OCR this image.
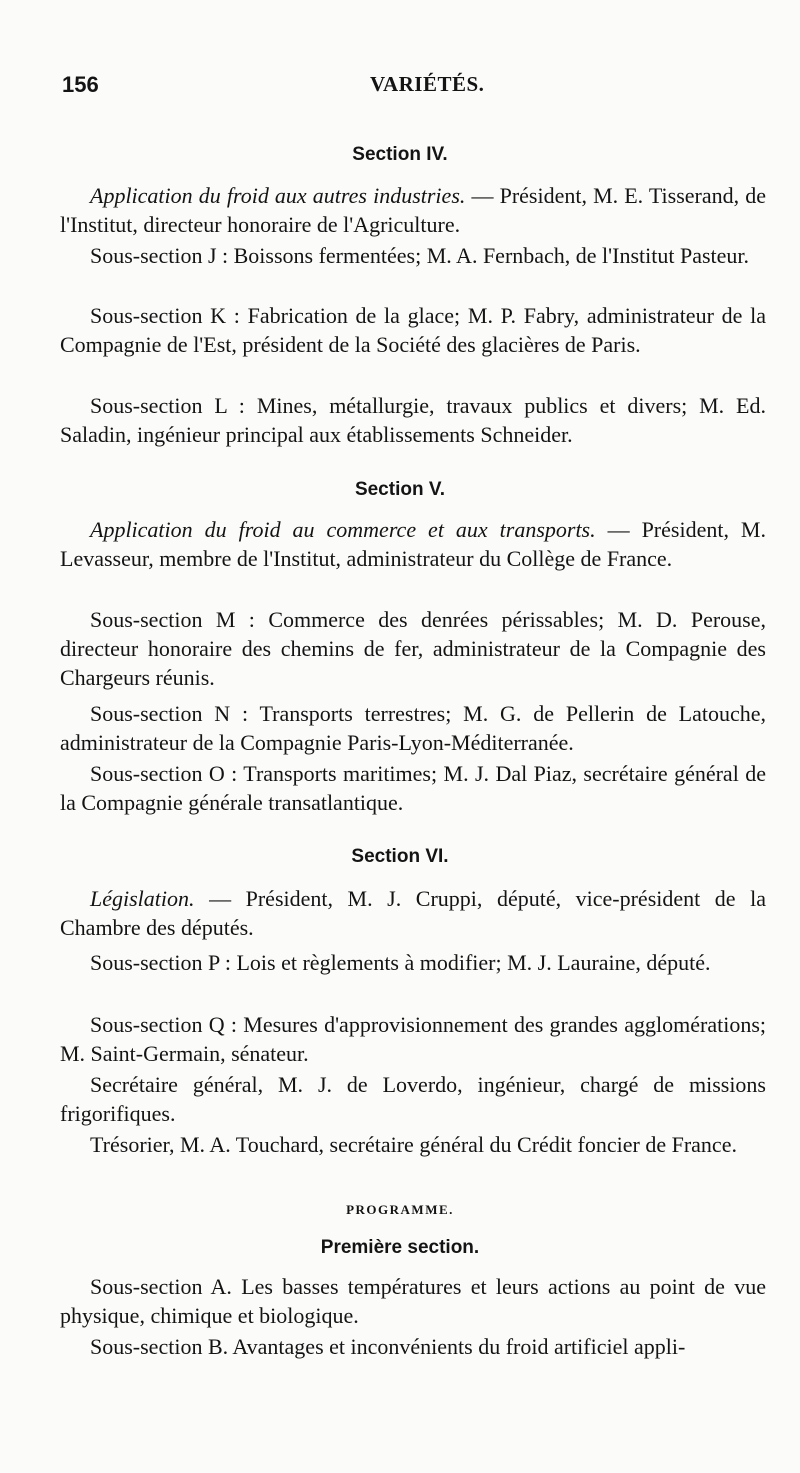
156	VARIÉTÉS.
Section IV.

Application du froid aux autres industries. — Président, M. E. Tisserand, de l'Institut, directeur honoraire de l'Agriculture.

Sous-section J : Boissons fermentées; M. A. Fernbach, de l'Institut Pasteur.

Sous-section K : Fabrication de la glace; M. P. Fabry, administrateur de la Compagnie de l'Est, président de la Société des glacières de Paris.

Sous-section L : Mines, métallurgie, travaux publics et divers; M. Ed. Saladin, ingénieur principal aux établissements Schneider.

Section V.

Application du froid au commerce et aux transports. — Président, M. Levasseur, membre de l'Institut, administrateur du Collège de France.

Sous-section M : Commerce des denrées périssables; M. D. Perouse, directeur honoraire des chemins de fer, administrateur de la Compagnie des Chargeurs réunis.

Sous-section N : Transports terrestres; M. G. de Pellerin de Latouche, administrateur de la Compagnie Paris-Lyon-Méditerranée.

Sous-section O : Transports maritimes; M. J. Dal Piaz, secrétaire général de la Compagnie générale transatlantique.

Section VI.

Législation. — Président, M. J. Cruppi, député, vice-président de la Chambre des députés.

Sous-section P : Lois et règlements à modifier; M. J. Lauraine, député.

Sous-section Q : Mesures d'approvisionnement des grandes agglomérations; M. Saint-Germain, sénateur.

Secrétaire général, M. J. de Loverdo, ingénieur, chargé de missions frigorifiques.

Trésorier, M. A. Touchard, secrétaire général du Crédit foncier de France.

PROGRAMME.
Première section.

Sous-section A. Les basses températures et leurs actions au point de vue physique, chimique et biologique.

Sous-section B. Avantages et inconvénients du froid artificiel appli-
